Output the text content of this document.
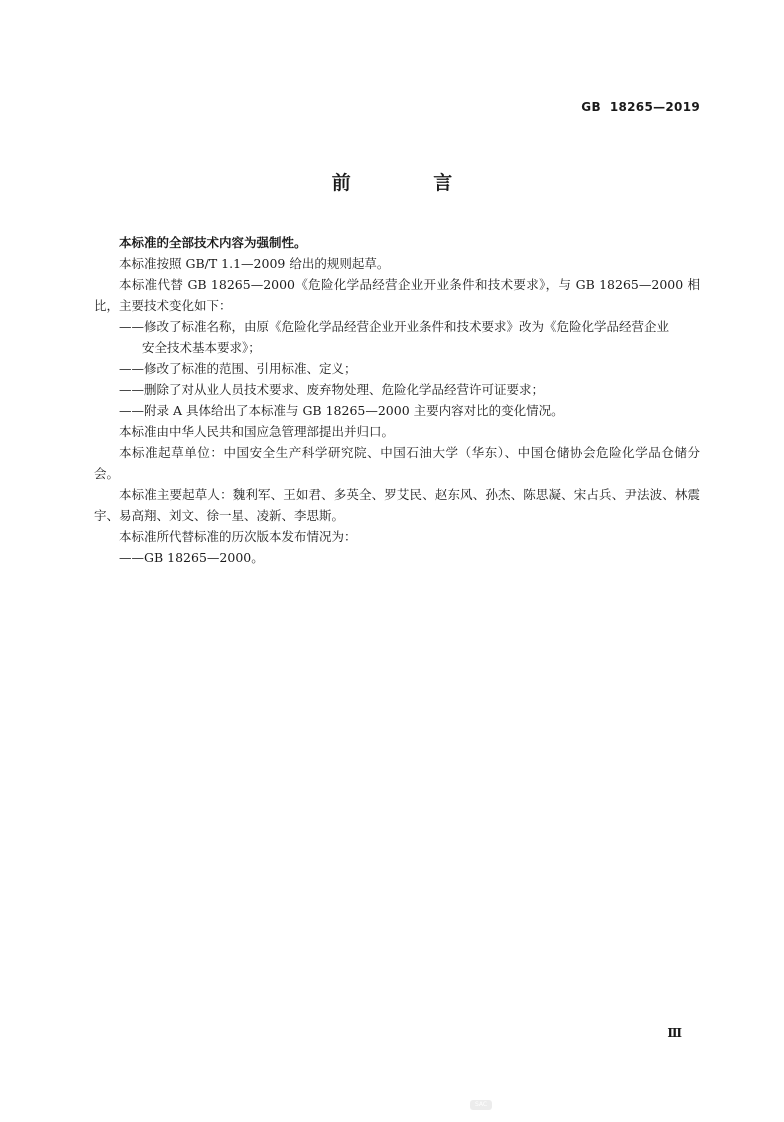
GB  18265—2019
前 言

本标准的全部技术内容为强制性。

本标准按照 GB/T 1.1—2009 给出的规则起草。

本标准代替 GB 18265—2000《危险化学品经营企业开业条件和技术要求》，与 GB 18265—2000 相比，主要技术变化如下：

——修改了标准名称，由原《危险化学品经营企业开业条件和技术要求》改为《危险化学品经营企业

安全技术基本要求》；

——修改了标准的范围、引用标准、定义；

——删除了对从业人员技术要求、废弃物处理、危险化学品经营许可证要求；

——附录 A 具体给出了本标准与 GB 18265—2000 主要内容对比的变化情况。

本标准由中华人民共和国应急管理部提出并归口。

本标准起草单位：中国安全生产科学研究院、中国石油大学（华东）、中国仓储协会危险化学品仓储分会。

本标准主要起草人：魏利军、王如君、多英全、罗艾民、赵东风、孙杰、陈思凝、宋占兵、尹法波、林震宇、易高翔、刘文、徐一星、凌新、李思斯。

本标准所代替标准的历次版本发布情况为：

——GB 18265—2000。

Ⅲ
SAC
